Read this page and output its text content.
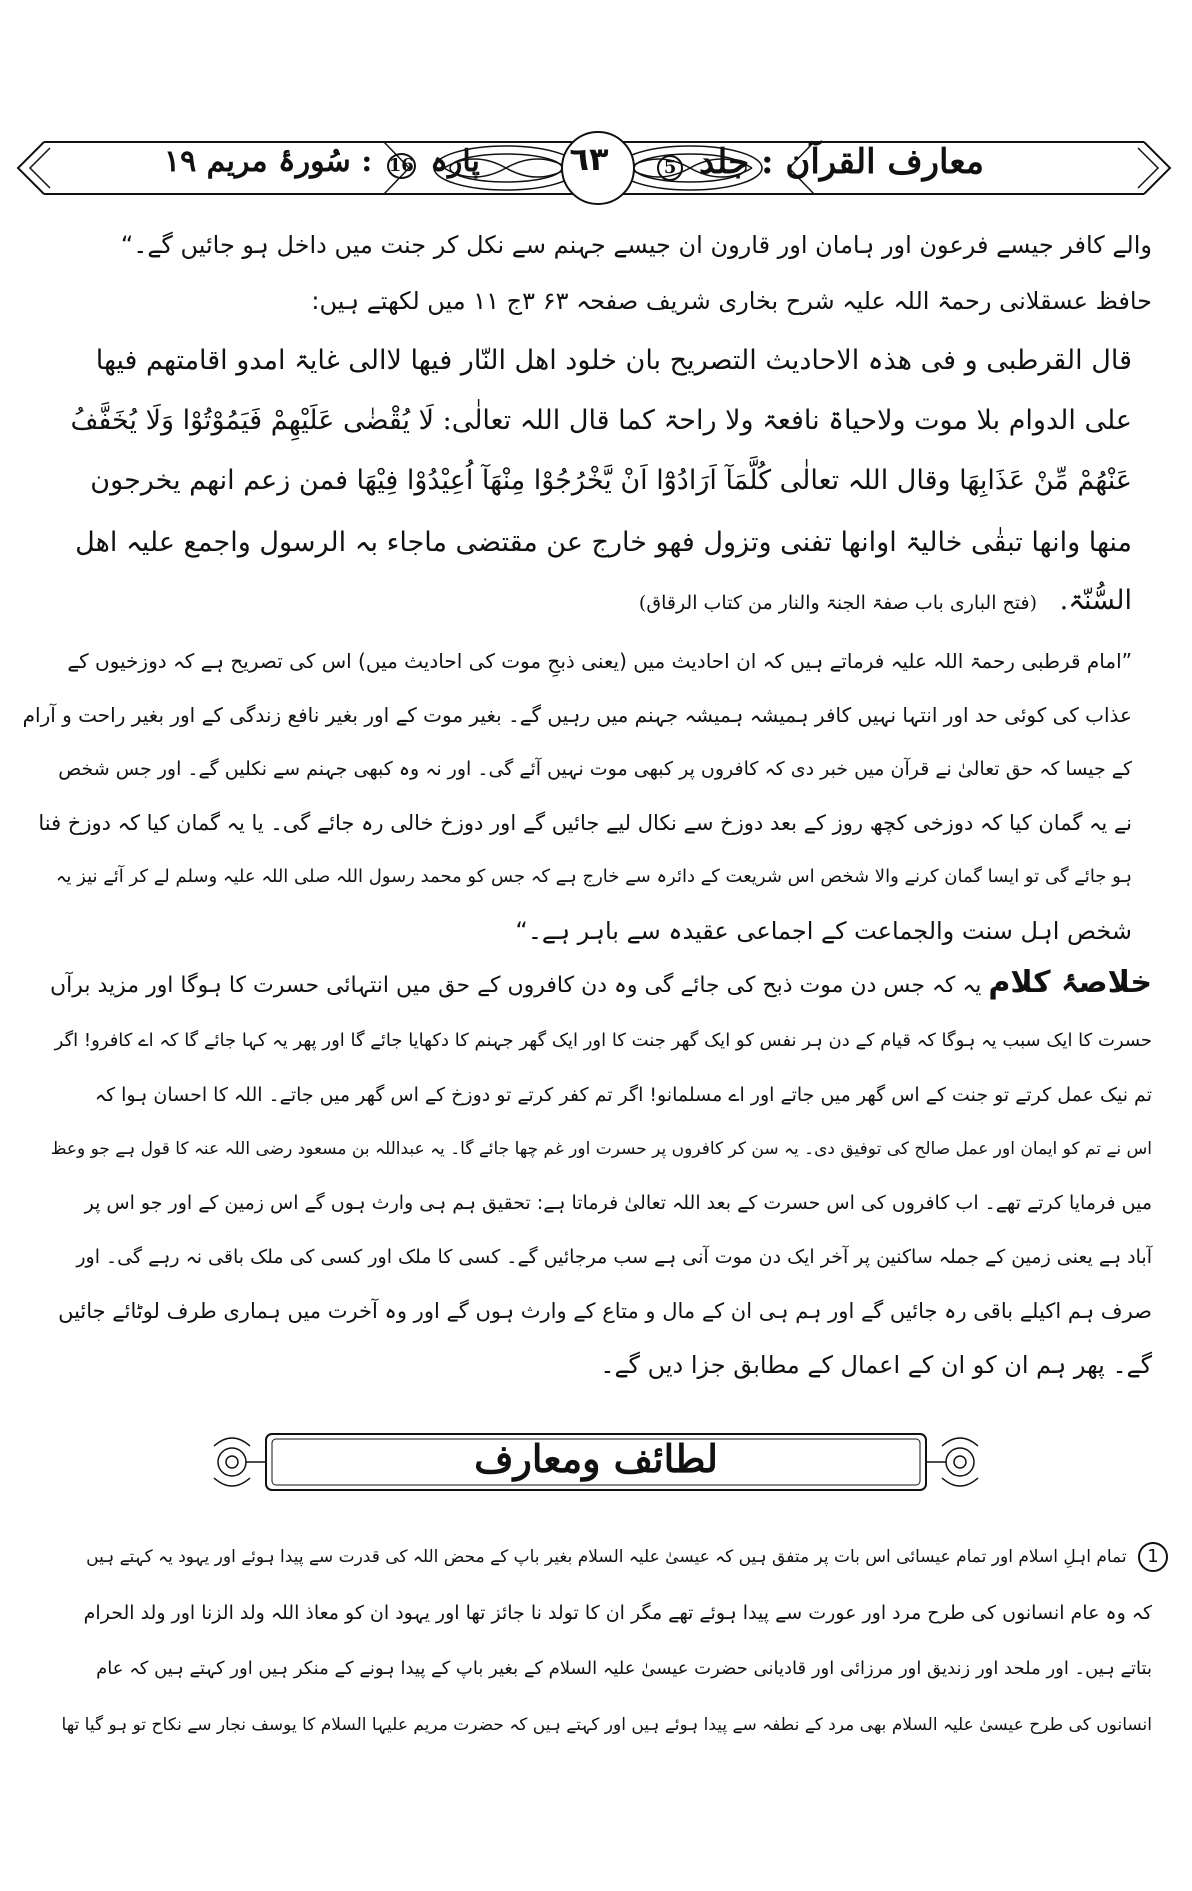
معارف القرآن : جلد 5
٦٣
پارہ 16 : سُورۂ مریم ۱۹
والے کافر جیسے فرعون اور ہامان اور قارون ان جیسے جہنم سے نکل کر جنت میں داخل ہو جائیں گے۔“
حافظ عسقلانی رحمۃ اللہ علیہ شرح بخاری شریف صفحہ ۶۳ ۳ج ۱۱ میں لکھتے ہیں:
قال القرطبی و فی ھذہ الاحادیث التصریح بان خلود اھل النّار فیھا لاالی غایۃ امدو اقامتھم فیھا
علی الدوام بلا موت ولاحیاۃ نافعۃ ولا راحۃ کما قال اللہ تعالٰی: لَا یُقْضٰی عَلَیْھِمْ فَیَمُوْتُوْا وَلَا یُخَفَّفُ
عَنْھُمْ مِّنْ عَذَابِھَا وقال اللہ تعالٰی کُلَّمَآ اَرَادُوْٓا اَنْ یَّخْرُجُوْا مِنْھَآ اُعِیْدُوْا فِیْھَا فمن زعم انھم یخرجون
منھا وانھا تبقٰی خالیۃ اوانھا تفنی وتزول فھو خارج عن مقتضی ماجاء بہ الرسول واجمع علیہ اھل
السُّنّۃ. (فتح الباری باب صفۃ الجنۃ والنار من کتاب الرقاق)
”امام قرطبی رحمۃ اللہ علیہ فرماتے ہیں کہ ان احادیث میں (یعنی ذبحِ موت کی احادیث میں) اس کی تصریح ہے کہ دوزخیوں کے
عذاب کی کوئی حد اور انتہا نہیں کافر ہمیشہ ہمیشہ جہنم میں رہیں گے۔ بغیر موت کے اور بغیر نافع زندگی کے اور بغیر راحت و آرام
کے جیسا کہ حق تعالیٰ نے قرآن میں خبر دی کہ کافروں پر کبھی موت نہیں آئے گی۔ اور نہ وہ کبھی جہنم سے نکلیں گے۔ اور جس شخص
نے یہ گمان کیا کہ دوزخی کچھ روز کے بعد دوزخ سے نکال لیے جائیں گے اور دوزخ خالی رہ جائے گی۔ یا یہ گمان کیا کہ دوزخ فنا
ہو جائے گی تو ایسا گمان کرنے والا شخص اس شریعت کے دائرہ سے خارج ہے کہ جس کو محمد رسول اللہ صلی اللہ علیہ وسلم لے کر آئے نیز یہ
شخص اہل سنت والجماعت کے اجماعی عقیدہ سے باہر ہے۔“
خلاصۂ کلام یہ کہ جس دن موت ذبح کی جائے گی وہ دن کافروں کے حق میں انتہائی حسرت کا ہوگا اور مزید برآں
حسرت کا ایک سبب یہ ہوگا کہ قیام کے دن ہر نفس کو ایک گھر جنت کا اور ایک گھر جہنم کا دکھایا جائے گا اور پھر یہ کہا جائے گا کہ اے کافرو! اگر
تم نیک عمل کرتے تو جنت کے اس گھر میں جاتے اور اے مسلمانو! اگر تم کفر کرتے تو دوزخ کے اس گھر میں جاتے۔ اللہ کا احسان ہوا کہ
اس نے تم کو ایمان اور عمل صالح کی توفیق دی۔ یہ سن کر کافروں پر حسرت اور غم چھا جائے گا۔ یہ عبداللہ بن مسعود رضی اللہ عنہ کا قول ہے جو وعظ
میں فرمایا کرتے تھے۔ اب کافروں کی اس حسرت کے بعد اللہ تعالیٰ فرماتا ہے: تحقیق ہم ہی وارث ہوں گے اس زمین کے اور جو اس پر
آباد ہے یعنی زمین کے جملہ ساکنین پر آخر ایک دن موت آنی ہے سب مرجائیں گے۔ کسی کا ملک اور کسی کی ملک باقی نہ رہے گی۔ اور
صرف ہم اکیلے باقی رہ جائیں گے اور ہم ہی ان کے مال و متاع کے وارث ہوں گے اور وہ آخرت میں ہماری طرف لوٹائے جائیں
گے۔ پھر ہم ان کو ان کے اعمال کے مطابق جزا دیں گے۔
لطائف ومعارف
1 تمام اہلِ اسلام اور تمام عیسائی اس بات پر متفق ہیں کہ عیسیٰ علیہ السلام بغیر باپ کے محض اللہ کی قدرت سے پیدا ہوئے اور یہود یہ کہتے ہیں
کہ وہ عام انسانوں کی طرح مرد اور عورت سے پیدا ہوئے تھے مگر ان کا تولد نا جائز تھا اور یہود ان کو معاذ اللہ ولد الزنا اور ولد الحرام
بتاتے ہیں۔ اور ملحد اور زندیق اور مرزائی اور قادیانی حضرت عیسیٰ علیہ السلام کے بغیر باپ کے پیدا ہونے کے منکر ہیں اور کہتے ہیں کہ عام
انسانوں کی طرح عیسیٰ علیہ السلام بھی مرد کے نطفہ سے پیدا ہوئے ہیں اور کہتے ہیں کہ حضرت مریم علیہا السلام کا یوسف نجار سے نکاح تو ہو گیا تھا
